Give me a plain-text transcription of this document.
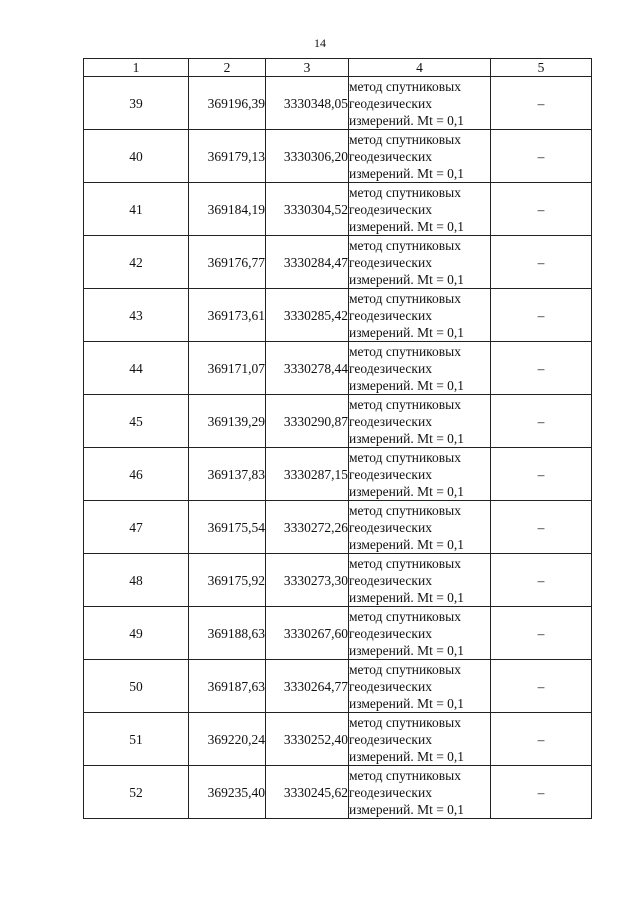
14
1	2	3	4	5
39	369196,39	3330348,05	метод спутниковых
геодезических
измерений. Mt = 0,1	–
40	369179,13	3330306,20	метод спутниковых
геодезических
измерений. Mt = 0,1	–
41	369184,19	3330304,52	метод спутниковых
геодезических
измерений. Mt = 0,1	–
42	369176,77	3330284,47	метод спутниковых
геодезических
измерений. Mt = 0,1	–
43	369173,61	3330285,42	метод спутниковых
геодезических
измерений. Mt = 0,1	–
44	369171,07	3330278,44	метод спутниковых
геодезических
измерений. Mt = 0,1	–
45	369139,29	3330290,87	метод спутниковых
геодезических
измерений. Mt = 0,1	–
46	369137,83	3330287,15	метод спутниковых
геодезических
измерений. Mt = 0,1	–
47	369175,54	3330272,26	метод спутниковых
геодезических
измерений. Mt = 0,1	–
48	369175,92	3330273,30	метод спутниковых
геодезических
измерений. Mt = 0,1	–
49	369188,63	3330267,60	метод спутниковых
геодезических
измерений. Mt = 0,1	–
50	369187,63	3330264,77	метод спутниковых
геодезических
измерений. Mt = 0,1	–
51	369220,24	3330252,40	метод спутниковых
геодезических
измерений. Mt = 0,1	–
52	369235,40	3330245,62	метод спутниковых
геодезических
измерений. Mt = 0,1	–
